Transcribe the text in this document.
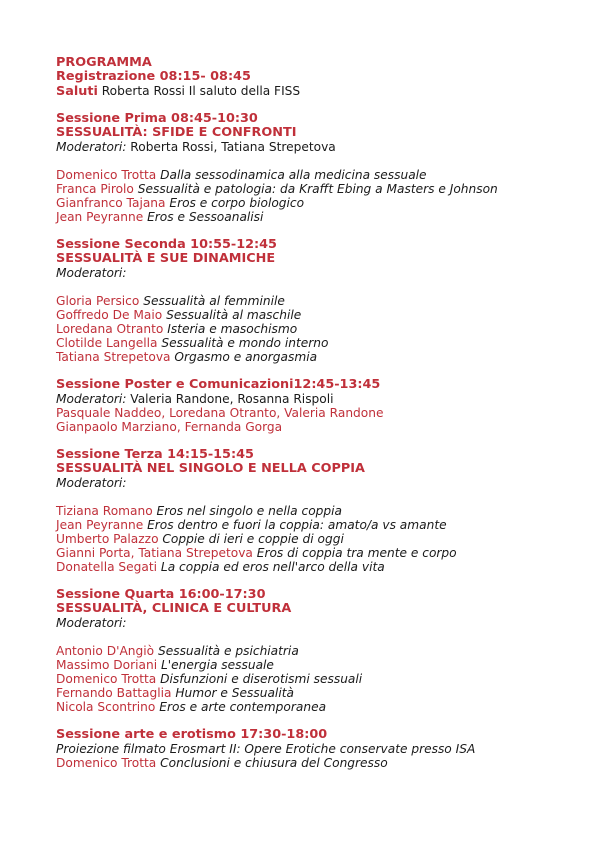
PROGRAMMA
Registrazione 08:15- 08:45
Saluti Roberta Rossi Il saluto della FISS
Sessione Prima 08:45-10:30
SESSUALITÀ: SFIDE E CONFRONTI
Moderatori: Roberta Rossi, Tatiana Strepetova
Domenico Trotta Dalla sessodinamica alla medicina sessuale
Franca Pirolo Sessualità e patologia: da Krafft Ebing a Masters e Johnson
Gianfranco Tajana Eros e corpo biologico
Jean Peyranne Eros e Sessoanalisi
Sessione Seconda 10:55-12:45
SESSUALITÀ E SUE DINAMICHE
Moderatori:
Gloria Persico Sessualità al femminile
Goffredo De Maio Sessualità al maschile
Loredana Otranto Isteria e masochismo
Clotilde Langella Sessualità e mondo interno
Tatiana Strepetova Orgasmo e anorgasmia
Sessione Poster e Comunicazioni12:45-13:45
Moderatori: Valeria Randone, Rosanna Rispoli
Pasquale Naddeo, Loredana Otranto, Valeria Randone
Gianpaolo Marziano, Fernanda Gorga
Sessione Terza 14:15-15:45
SESSUALITÀ NEL SINGOLO E NELLA COPPIA
Moderatori:
Tiziana Romano Eros nel singolo e nella coppia
Jean Peyranne Eros dentro e fuori la coppia: amato/a vs amante
Umberto Palazzo Coppie di ieri e coppie di oggi
Gianni Porta, Tatiana Strepetova Eros di coppia tra mente e corpo
Donatella Segati La coppia ed eros nell'arco della vita
Sessione Quarta 16:00-17:30
SESSUALITÀ, CLINICA E CULTURA
Moderatori:
Antonio D'Angiò Sessualità e psichiatria
Massimo Doriani L'energia sessuale
Domenico Trotta Disfunzioni e diserotismi sessuali
Fernando Battaglia Humor e Sessualità
Nicola Scontrino Eros e arte contemporanea
Sessione arte e erotismo 17:30-18:00
Proiezione filmato Erosmart II: Opere Erotiche conservate presso ISA
Domenico Trotta Conclusioni e chiusura del Congresso
